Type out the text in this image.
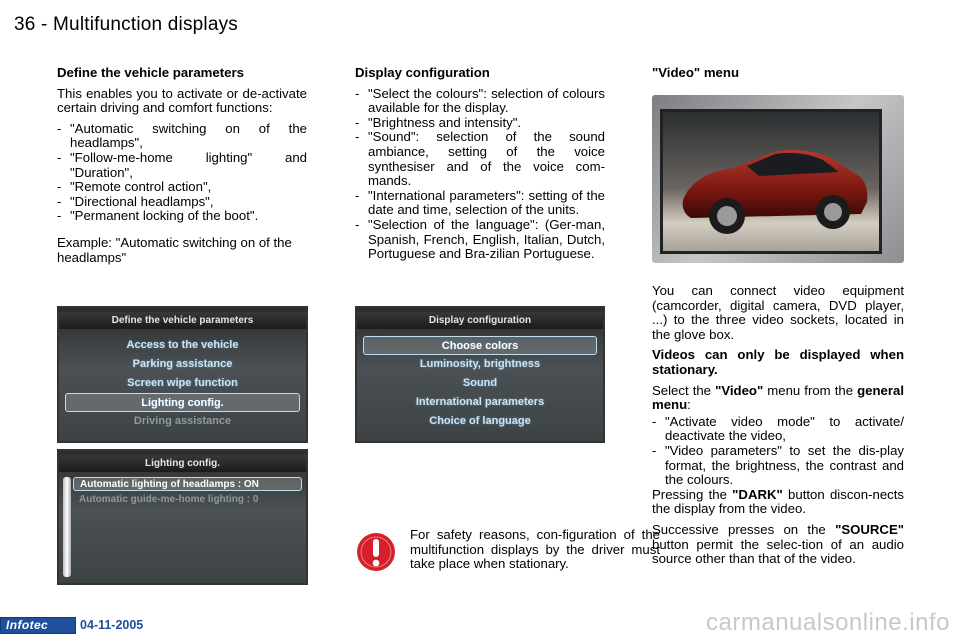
36 - Multifunction displays
Define the vehicle parameters

This enables you to activate or de-activate certain driving and comfort functions:

- "Automatic switching on of the headlamps",
- "Follow-me-home lighting" and "Duration",
- "Remote control action",
- "Directional headlamps",
- "Permanent locking of the boot".

Example: "Automatic switching on of the headlamps"

Display configuration
- "Select the colours": selection of colours available for the display.
- "Brightness and intensity".
- "Sound": selection of the sound ambiance, setting of the voice synthesiser and of the voice com-mands.
- "International parameters": setting of the date and time, selection of the units.
- "Selection of the language": (Ger-man, Spanish, French, English, Italian, Dutch, Portuguese and Bra-zilian Portuguese.
"Video" menu

You can connect video equipment (camcorder, digital camera, DVD player, ...) to the three video sockets, located in the glove box.

Videos can only be displayed when stationary.

Select the "Video" menu from the general menu:

- "Activate video mode" to activate/ deactivate the video,
- "Video parameters" to set the dis-play format, the brightness, the contrast and the colours.

Pressing the "DARK" button discon-nects the display from the video.

Successive presses on the "SOURCE" button permit the selec-tion of an audio source other than that of the video.

Define the vehicle parameters
Access to the vehicle
Parking assistance
Screen wipe function
Lighting config.
Driving assistance
Lighting config.
Automatic lighting of headlamps : ON
Automatic guide-me-home lighting : 0
Display configuration
Choose colors
Luminosity, brightness
Sound
International parameters
Choice of language
For safety reasons, con-figuration of the multifunction displays by the driver must take place when stationary.
Infotec	04-11-2005	carmanualsonline.info
